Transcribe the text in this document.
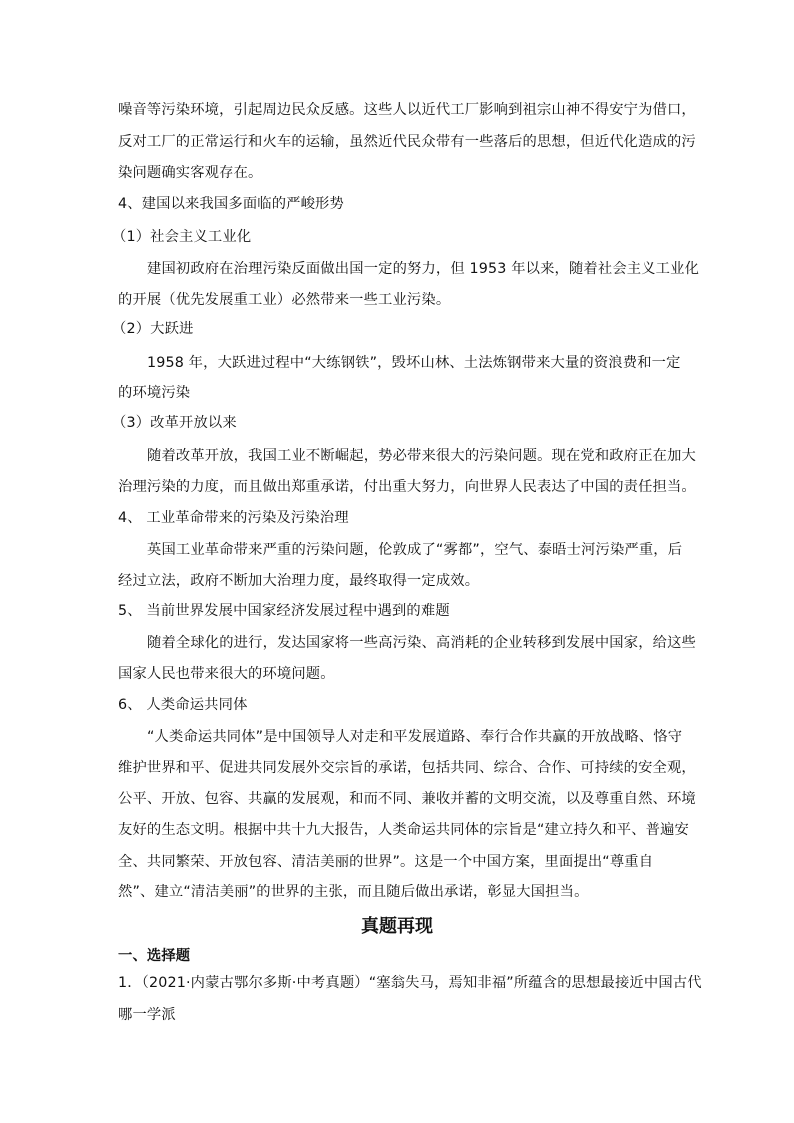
噪音等污染环境，引起周边民众反感。这些人以近代工厂影响到祖宗山神不得安宁为借口，
反对工厂的正常运行和火车的运输，虽然近代民众带有一些落后的思想，但近代化造成的污
染问题确实客观存在。
4、建国以来我国多面临的严峻形势
（1）社会主义工业化
建国初政府在治理污染反面做出国一定的努力，但 1953 年以来，随着社会主义工业化
的开展（优先发展重工业）必然带来一些工业污染。
（2）大跃进
1958 年，大跃进过程中“大练钢铁”，毁坏山林、土法炼钢带来大量的资浪费和一定
的环境污染
（3）改革开放以来
随着改革开放，我国工业不断崛起，势必带来很大的污染问题。现在党和政府正在加大
治理污染的力度，而且做出郑重承诺，付出重大努力，向世界人民表达了中国的责任担当。
4、 工业革命带来的污染及污染治理
英国工业革命带来严重的污染问题，伦敦成了“雾都”，空气、泰晤士河污染严重，后
经过立法，政府不断加大治理力度，最终取得一定成效。
5、 当前世界发展中国家经济发展过程中遇到的难题
随着全球化的进行，发达国家将一些高污染、高消耗的企业转移到发展中国家，给这些
国家人民也带来很大的环境问题。
6、 人类命运共同体
“人类命运共同体”是中国领导人对走和平发展道路、奉行合作共赢的开放战略、恪守
维护世界和平、促进共同发展外交宗旨的承诺，包括共同、综合、合作、可持续的安全观，
公平、开放、包容、共赢的发展观，和而不同、兼收并蓄的文明交流，以及尊重自然、环境
友好的生态文明。根据中共十九大报告，人类命运共同体的宗旨是“建立持久和平、普遍安
全、共同繁荣、开放包容、清洁美丽的世界”。这是一个中国方案，里面提出“尊重自
然”、建立“清洁美丽”的世界的主张，而且随后做出承诺，彰显大国担当。
真题再现
一、选择题
1．（2021·内蒙古鄂尔多斯·中考真题）“塞翁失马，焉知非福”所蕴含的思想最接近中国古代
哪一学派
